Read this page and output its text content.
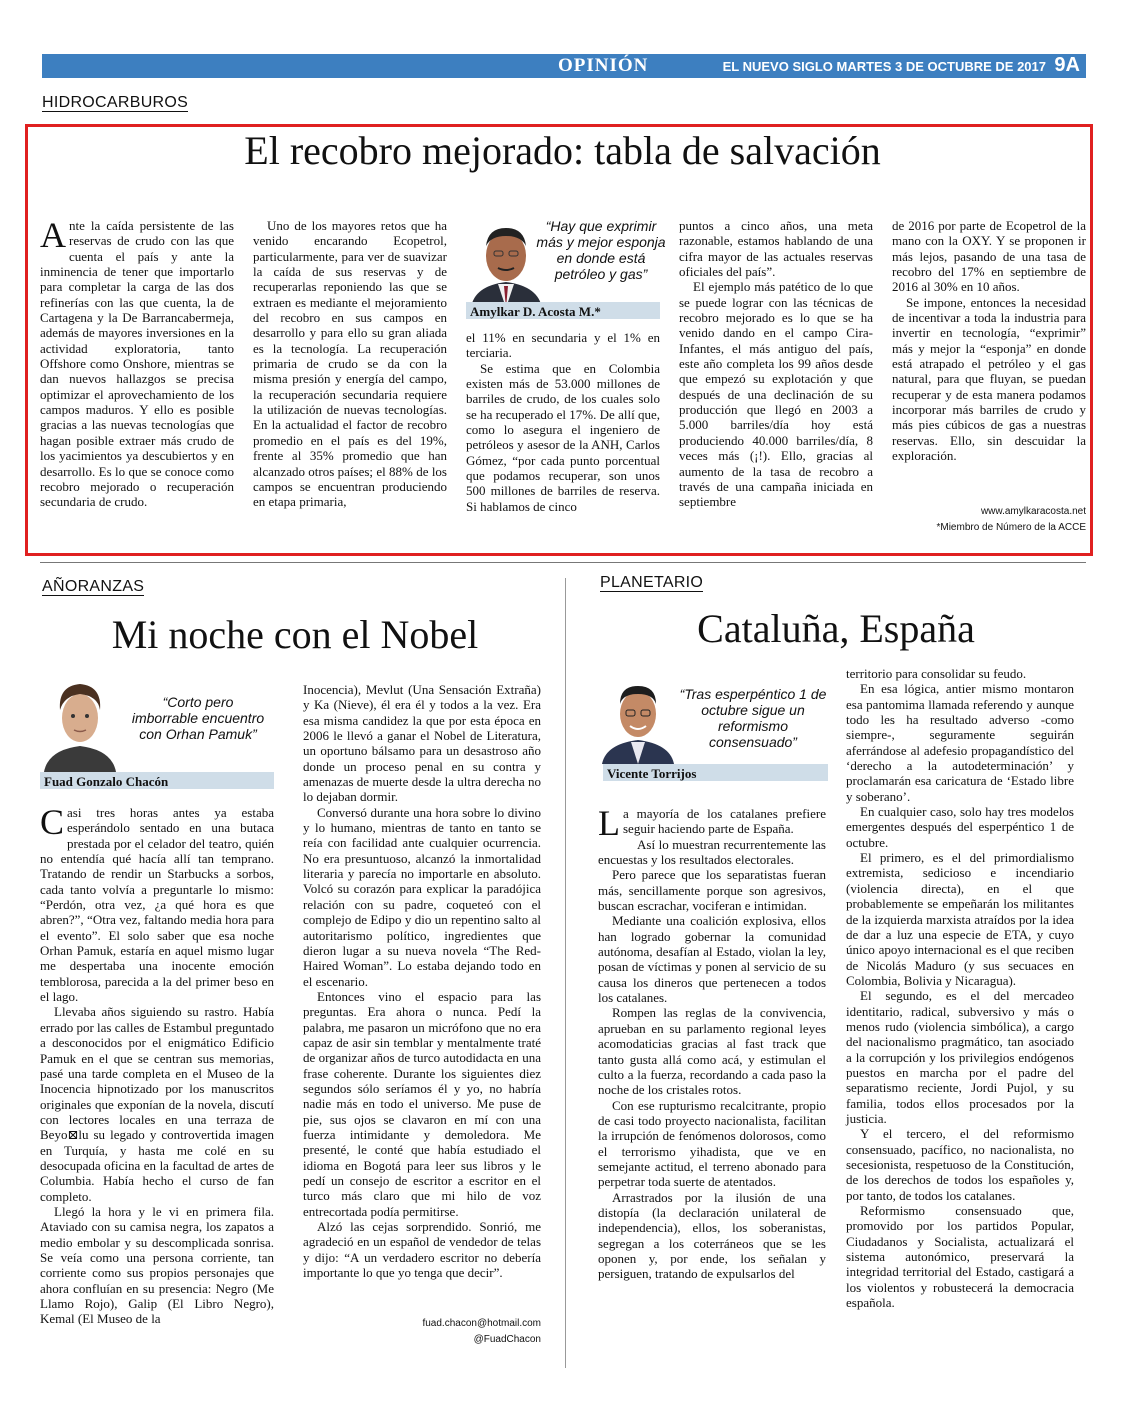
OPINIÓN	EL NUEVO SIGLO MARTES 3 DE OCTUBRE DE 2017 9A
HIDROCARBUROS
El recobro mejorado: tabla de salvación

Ante la caída persistente de las reservas de crudo con las que cuenta el país y ante la inminencia de tener que importarlo para completar la carga de las dos refinerías con las que cuenta, la de Cartagena y la De Barrancabermeja, además de mayores inversiones en la actividad exploratoria, tanto Offshore como Onshore, mientras se dan nuevos hallazgos se precisa optimizar el aprovechamiento de los campos maduros. Y ello es posible gracias a las nuevas tecnologías que hagan posible extraer más crudo de los yacimientos ya descubiertos y en desarrollo. Es lo que se conoce como recobro mejorado o recuperación secundaria de crudo.

Uno de los mayores retos que ha venido encarando Ecopetrol, particularmente, para ver de suavizar la caída de sus reservas y de recuperarlas reponiendo las que se extraen es mediante el mejoramiento del recobro en sus campos en desarrollo y para ello su gran aliada es la tecnología. La recuperación primaria de crudo se da con la misma presión y energía del campo, la recuperación secundaria requiere la utilización de nuevas tecnologías. En la actualidad el factor de recobro promedio en el país es del 19%, frente al 35% promedio que han alcanzado otros países; el 88% de los campos se encuentran produciendo en etapa primaria,

“Hay que exprimir más y mejor esponja en donde está petróleo y gas”
Amylkar D. Acosta M.*

el 11% en secundaria y el 1% en terciaria.

Se estima que en Colombia existen más de 53.000 millones de barriles de crudo, de los cuales solo se ha recuperado el 17%. De allí que, como lo asegura el ingeniero de petróleos y asesor de la ANH, Carlos Gómez, “por cada punto porcentual que podamos recuperar, son unos 500 millones de barriles de reserva. Si hablamos de cinco

puntos a cinco años, una meta razonable, estamos hablando de una cifra mayor de las actuales reservas oficiales del país”.

El ejemplo más patético de lo que se puede lograr con las técnicas de recobro mejorado es lo que se ha venido dando en el campo Cira-Infantes, el más antiguo del país, este año completa los 99 años desde que empezó su explotación y que después de una declinación de su producción que llegó en 2003 a 5.000 barriles/día hoy está produciendo 40.000 barriles/día, 8 veces más (¡!). Ello, gracias al aumento de la tasa de recobro a través de una campaña iniciada en septiembre

de 2016 por parte de Ecopetrol de la mano con la OXY. Y se proponen ir más lejos, pasando de una tasa de recobro del 17% en septiembre de 2016 al 30% en 10 años.

Se impone, entonces la necesidad de incentivar a toda la industria para invertir en tecnología, “exprimir” más y mejor la “esponja” en donde está atrapado el petróleo y el gas natural, para que fluyan, se puedan recuperar y de esta manera podamos incorporar más barriles de crudo y más pies cúbicos de gas a nuestras reservas. Ello, sin descuidar la exploración.

www.amylkaracosta.net
*Miembro de Número de la ACCE
AÑORANZAS
Mi noche con el Nobel
“Corto pero imborrable encuentro con Orhan Pamuk”
Fuad Gonzalo Chacón

Casi tres horas antes ya estaba esperándolo sentado en una butaca prestada por el celador del teatro, quién no entendía qué hacía allí tan temprano. Tratando de rendir un Starbucks a sorbos, cada tanto volvía a preguntarle lo mismo: “Perdón, otra vez, ¿a qué hora es que abren?”, “Otra vez, faltando media hora para el evento”. El solo saber que esa noche Orhan Pamuk, estaría en aquel mismo lugar me despertaba una inocente emoción temblorosa, parecida a la del primer beso en el lago.

Llevaba años siguiendo su rastro. Había errado por las calles de Estambul preguntado a desconocidos por el enigmático Edificio Pamuk en el que se centran sus memorias, pasé una tarde completa en el Museo de la Inocencia hipnotizado por los manuscritos originales que exponían de la novela, discutí con lectores locales en una terraza de Beyo⊠lu su legado y controvertida imagen en Turquía, y hasta me colé en su desocupada oficina en la facultad de artes de Columbia. Había hecho el curso de fan completo.

Llegó la hora y le vi en primera fila. Ataviado con su camisa negra, los zapatos a medio embolar y su descomplicada sonrisa. Se veía como una persona corriente, tan corriente como sus propios personajes que ahora confluían en su presencia: Negro (Me Llamo Rojo), Galip (El Libro Negro), Kemal (El Museo de la

Inocencia), Mevlut (Una Sensación Extraña) y Ka (Nieve), él era él y todos a la vez. Era esa misma candidez la que por esta época en 2006 le llevó a ganar el Nobel de Literatura, un oportuno bálsamo para un desastroso año donde un proceso penal en su contra y amenazas de muerte desde la ultra derecha no lo dejaban dormir.

Conversó durante una hora sobre lo divino y lo humano, mientras de tanto en tanto se reía con facilidad ante cualquier ocurrencia. No era presuntuoso, alcanzó la inmortalidad literaria y parecía no importarle en absoluto. Volcó su corazón para explicar la paradójica relación con su padre, coqueteó con el complejo de Edipo y dio un repentino salto al autoritarismo político, ingredientes que dieron lugar a su nueva novela “The Red-Haired Woman”. Lo estaba dejando todo en el escenario.

Entonces vino el espacio para las preguntas. Era ahora o nunca. Pedí la palabra, me pasaron un micrófono que no era capaz de asir sin temblar y mentalmente traté de organizar años de turco autodidacta en una frase coherente. Durante los siguientes diez segundos sólo seríamos él y yo, no habría nadie más en todo el universo. Me puse de pie, sus ojos se clavaron en mí con una fuerza intimidante y demoledora. Me presenté, le conté que había estudiado el idioma en Bogotá para leer sus libros y le pedí un consejo de escritor a escritor en el turco más claro que mi hilo de voz entrecortada podía permitirse.

Alzó las cejas sorprendido. Sonrió, me agradeció en un español de vendedor de telas y dijo: “A un verdadero escritor no debería importante lo que yo tenga que decir”.

fuad.chacon@hotmail.com
@FuadChacon
PLANETARIO
Cataluña, España
“Tras esperpéntico 1 de octubre sigue un reformismo consensuado”
Vicente Torrijos

La mayoría de los catalanes prefiere seguir haciendo parte de España.

Así lo muestran recurrentemente las encuestas y los resultados electorales.

Pero parece que los separatistas fueran más, sencillamente porque son agresivos, buscan escrachar, vociferan e intimidan.

Mediante una coalición explosiva, ellos han logrado gobernar la comunidad autónoma, desafían al Estado, violan la ley, posan de víctimas y ponen al servicio de su causa los dineros que pertenecen a todos los catalanes.

Rompen las reglas de la convivencia, aprueban en su parlamento regional leyes acomodaticias gracias al fast track que tanto gusta allá como acá, y estimulan el culto a la fuerza, recordando a cada paso la noche de los cristales rotos.

Con ese rupturismo recalcitrante, propio de casi todo proyecto nacionalista, facilitan la irrupción de fenómenos dolorosos, como el terrorismo yihadista, que ve en semejante actitud, el terreno abonado para perpetrar toda suerte de atentados.

Arrastrados por la ilusión de una distopía (la declaración unilateral de independencia), ellos, los soberanistas, segregan a los coterráneos que se les oponen y, por ende, los señalan y persiguen, tratando de expulsarlos del

territorio para consolidar su feudo.

En esa lógica, antier mismo montaron esa pantomima llamada referendo y aunque todo les ha resultado adverso -como siempre-, seguramente seguirán aferrándose al adefesio propagandístico del ‘derecho a la autodeterminación’ y proclamarán esa caricatura de ‘Estado libre y soberano’.

En cualquier caso, solo hay tres modelos emergentes después del esperpéntico 1 de octubre.

El primero, es el del primordialismo extremista, sedicioso e incendiario (violencia directa), en el que probablemente se empeñarán los militantes de la izquierda marxista atraídos por la idea de dar a luz una especie de ETA, y cuyo único apoyo internacional es el que reciben de Nicolás Maduro (y sus secuaces en Colombia, Bolivia y Nicaragua).

El segundo, es el del mercadeo identitario, radical, subversivo y más o menos rudo (violencia simbólica), a cargo del nacionalismo pragmático, tan asociado a la corrupción y los privilegios endógenos puestos en marcha por el padre del separatismo reciente, Jordi Pujol, y su familia, todos ellos procesados por la justicia.

Y el tercero, el del reformismo consensuado, pacífico, no nacionalista, no secesionista, respetuoso de la Constitución, de los derechos de todos los españoles y, por tanto, de todos los catalanes.

Reformismo consensuado que, promovido por los partidos Popular, Ciudadanos y Socialista, actualizará el sistema autonómico, preservará la integridad territorial del Estado, castigará a los violentos y robustecerá la democracia española.
